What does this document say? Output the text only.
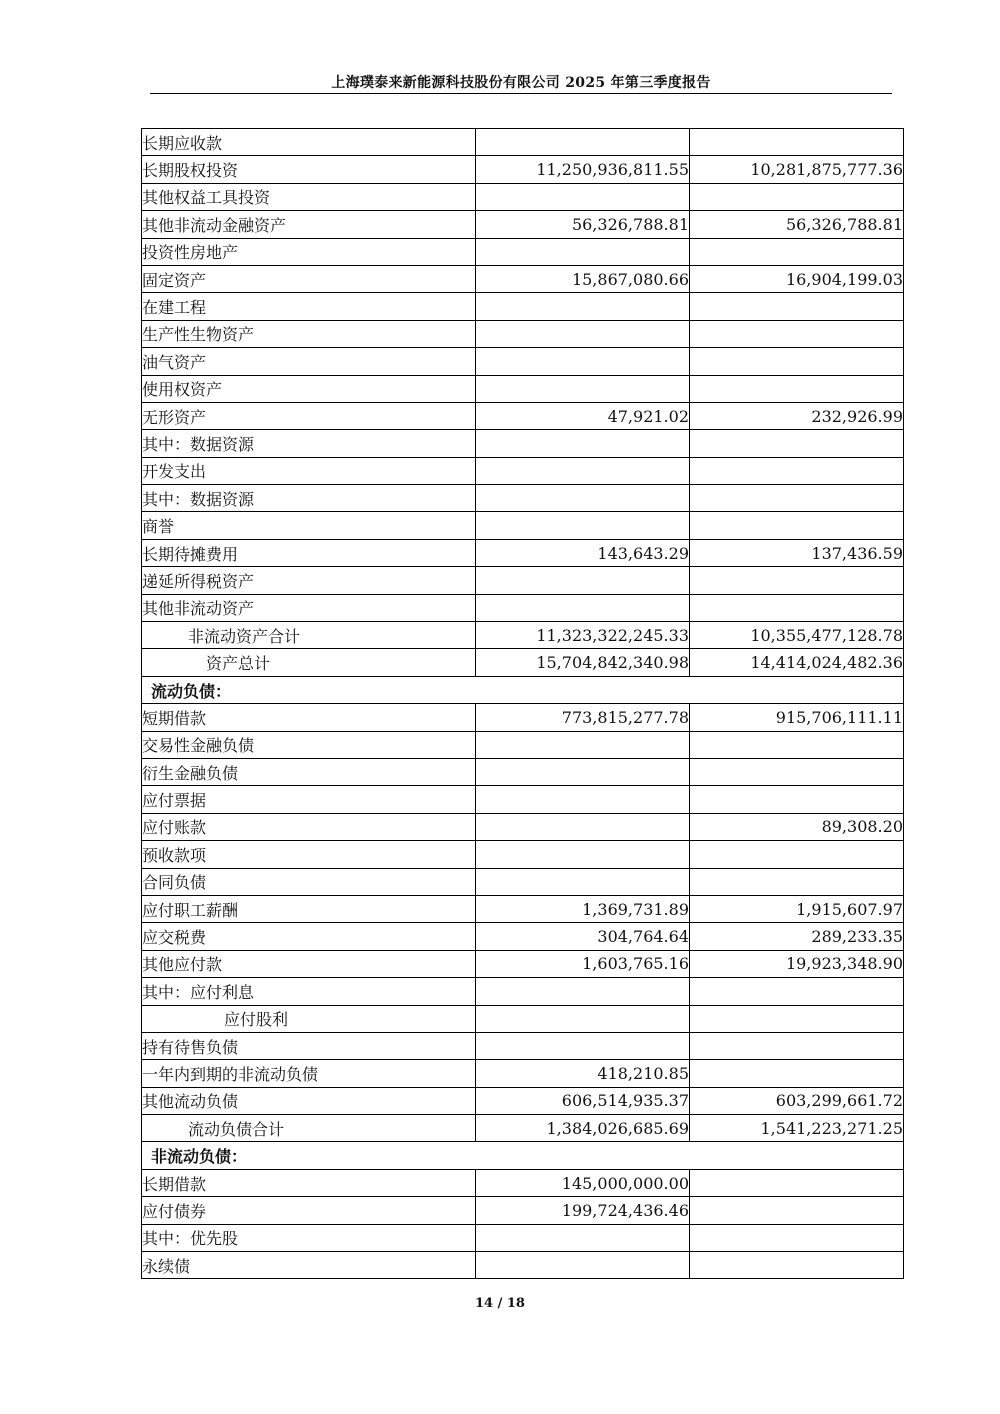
上海璞泰来新能源科技股份有限公司 2025 年第三季度报告
长期应收款		
长期股权投资	11,250,936,811.55	10,281,875,777.36
其他权益工具投资		
其他非流动金融资产	56,326,788.81	56,326,788.81
投资性房地产		
固定资产	15,867,080.66	16,904,199.03
在建工程		
生产性生物资产		
油气资产		
使用权资产		
无形资产	47,921.02	232,926.99
其中：数据资源		
开发支出		
其中：数据资源		
商誉		
长期待摊费用	143,643.29	137,436.59
递延所得税资产		
其他非流动资产		
非流动资产合计	11,323,322,245.33	10,355,477,128.78
资产总计	15,704,842,340.98	14,414,024,482.36
流动负债：		
短期借款	773,815,277.78	915,706,111.11
交易性金融负债		
衍生金融负债		
应付票据		
应付账款		89,308.20
预收款项		
合同负债		
应付职工薪酬	1,369,731.89	1,915,607.97
应交税费	304,764.64	289,233.35
其他应付款	1,603,765.16	19,923,348.90
其中：应付利息		
应付股利		
持有待售负债		
一年内到期的非流动负债	418,210.85	
其他流动负债	606,514,935.37	603,299,661.72
流动负债合计	1,384,026,685.69	1,541,223,271.25
非流动负债：		
长期借款	145,000,000.00	
应付债券	199,724,436.46	
其中：优先股		
永续债		
14 / 18
